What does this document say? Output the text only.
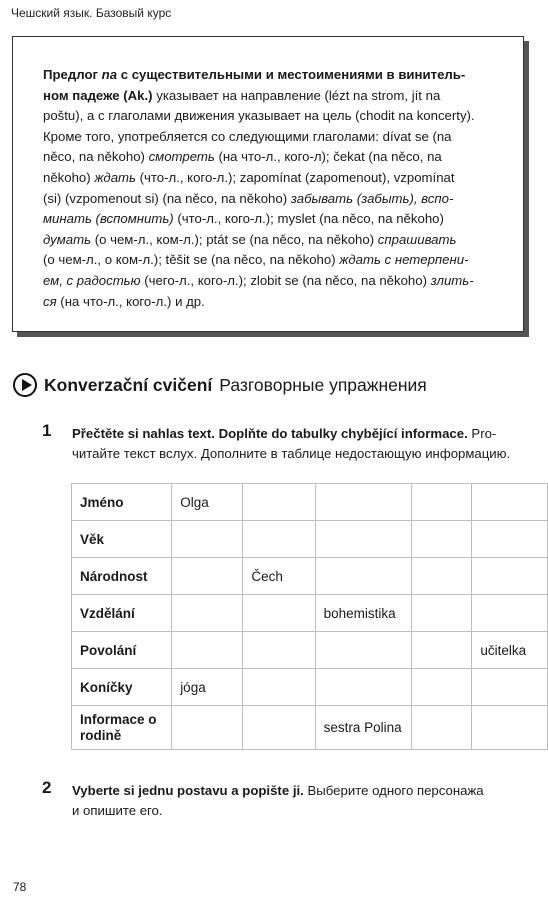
Чешский язык. Базовый курс

Предлог na с существительными и местоимениями в винитель-
ном падеже (Ak.) указывает на направление (lézt na strom, jít na
poštu), а с глаголами движения указывает на цель (chodit na koncerty).
Кроме того, употребляется со следующими глаголами: dívat se (na
něco, na někoho) смотреть (на что-л., кого-л); čekat (na něco, na
někoho) ждать (что-л., кого-л.); zapomínat (zapomenout), vzpomínat
(si) (vzpomenout si) (na něco, na někoho) забывать (забыть), вспо-
минать (вспомнить) (что-л., кого-л.); myslet (na něco, na někoho)
думать (о чем-л., ком-л.); ptát se (na něco, na někoho) спрашивать
(о чем-л., о ком-л.); těšit se (na něco, na někoho) ждать с нетерпени-
ем, с радостью (чего-л., кого-л.); zlobit se (na něco, na někoho) злить-
ся (на что-л., кого-л.) и др.

Konverzační cvičení Разговорные упражнения
1 Přečtěte si nahlas text. Doplňte do tabulky chybějící informace. Pro-
читайте текст вслух. Дополните в таблице недостающую информацию.

Jméno	Olga				
Věk					
Národnost		Čech			
Vzdělání			bohemistika		
Povolání					učitelka
Koníčky	jóga				
Informace o rodině			sestra Polina		
2 Vyberte si jednu postavu a popište ji. Выберите одного персонажа
и опишите его.

78
